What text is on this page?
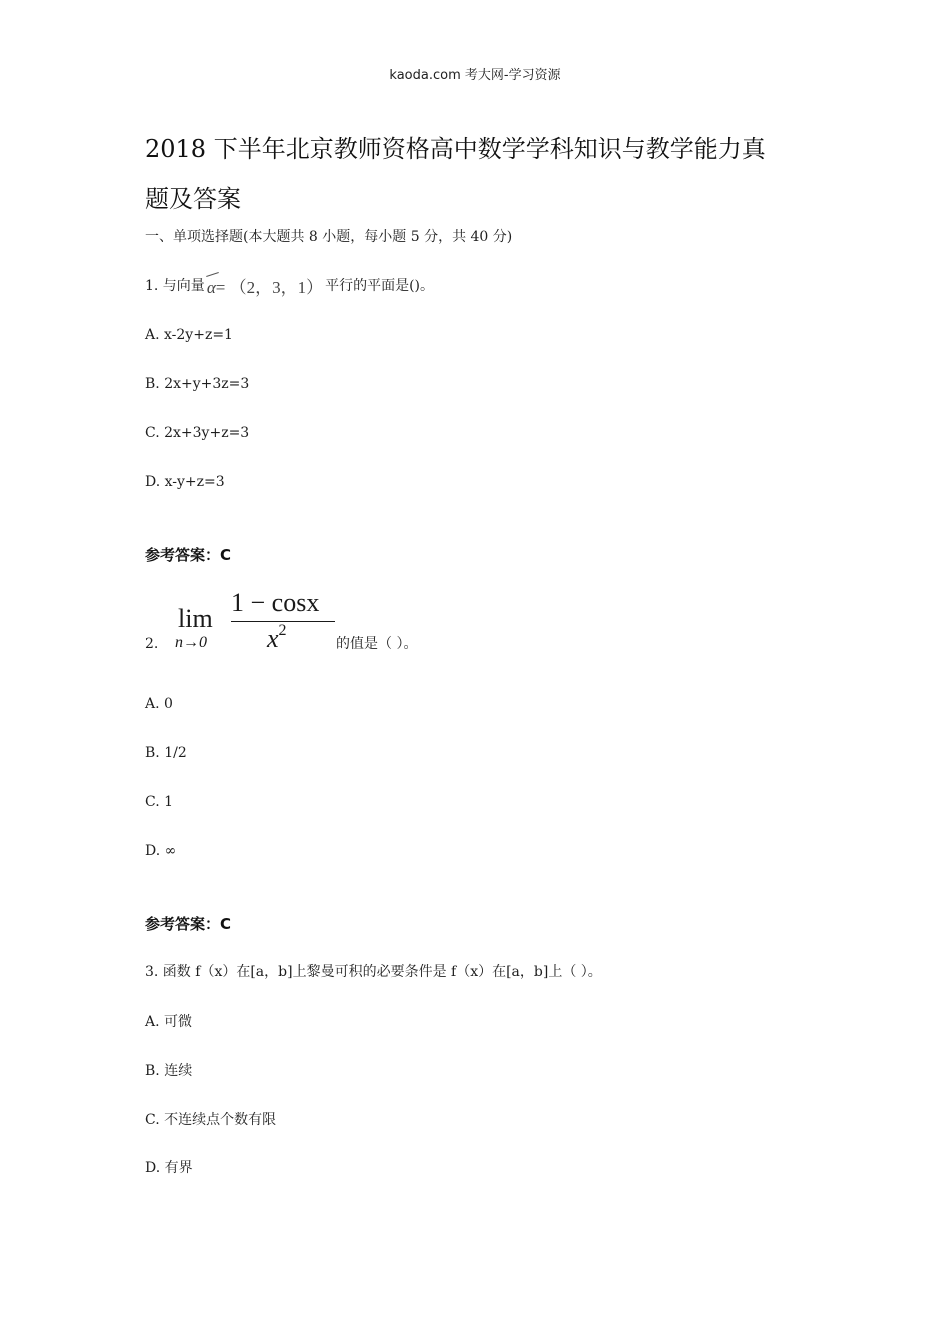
kaoda.com 考大网-学习资源
2018 下半年北京教师资格高中数学学科知识与教学能力真
题及答案
一、单项选择题(本大题共 8 小题，每小题 5 分，共 40 分)
1. 与向量 α= （2，3，1） 平行的平面是()。
A. x-2y+z=1
B. 2x+y+3z=3
C. 2x+3y+z=3
D. x-y+z=3
参考答案：C
2.
lim
n→0
1 − cosx
$x^2$
的值是（ ）。
A. 0
B. 1/2
C. 1
D. ∞
参考答案：C
3. 函数 f（x）在[a，b]上黎曼可积的必要条件是 f（x）在[a，b]上（ ）。
A. 可微
B. 连续
C. 不连续点个数有限
D. 有界
